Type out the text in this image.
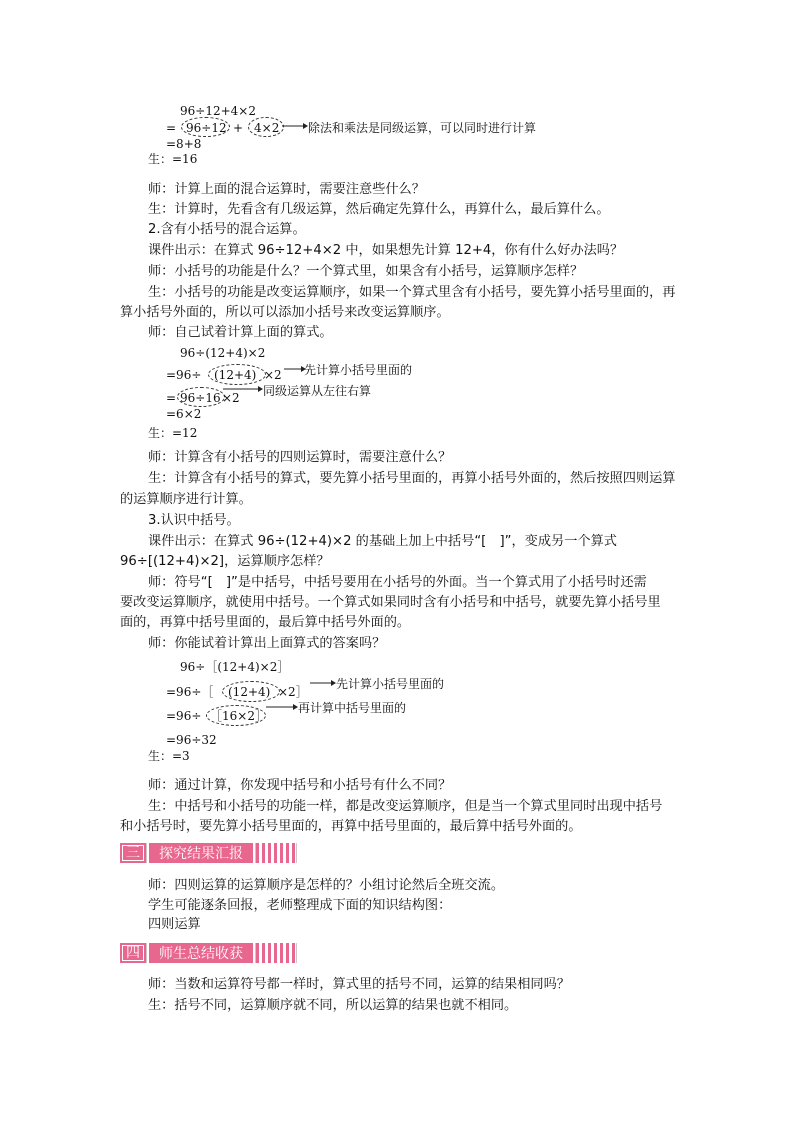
96÷12+4×2
= 96÷12 + 4×2 除法和乘法是同级运算，可以同时进行计算
=8+8
生：=16
师：计算上面的混合运算时，需要注意些什么？
生：计算时，先看含有几级运算，然后确定先算什么，再算什么，最后算什么。
2.含有小括号的混合运算。
课件出示：在算式 96÷12+4×2 中，如果想先计算 12+4，你有什么好办法吗？
师：小括号的功能是什么？一个算式里，如果含有小括号，运算顺序怎样？
生：小括号的功能是改变运算顺序，如果一个算式里含有小括号，要先算小括号里面的，再
算小括号外面的，所以可以添加小括号来改变运算顺序。
师：自己试着计算上面的算式。
96÷(12+4)×2
=96÷ (12+4) ×2 先计算小括号里面的
= 96÷16 ×2 同级运算从左往右算
=6×2
生：=12
师：计算含有小括号的四则运算时，需要注意什么？
生：计算含有小括号的算式，要先算小括号里面的，再算小括号外面的，然后按照四则运算
的运算顺序进行计算。
3.认识中括号。
课件出示：在算式 96÷(12+4)×2 的基础上加上中括号“[　]”，变成另一个算式
96÷[(12+4)×2]，运算顺序怎样？
师：符号“[　]”是中括号，中括号要用在小括号的外面。当一个算式用了小括号时还需
要改变运算顺序，就使用中括号。一个算式如果同时含有小括号和中括号，就要先算小括号里
面的，再算中括号里面的，最后算中括号外面的。
师：你能试着计算出上面算式的答案吗？
96÷［(12+4)×2］
=96÷［ (12+4) ×2］
先计算小括号里面的
=96÷ ［16×2］
再计算中括号里面的
=96÷32
生：=3
师：通过计算，你发现中括号和小括号有什么不同？
生：中括号和小括号的功能一样，都是改变运算顺序，但是当一个算式里同时出现中括号
和小括号时，要先算小括号里面的，再算中括号里面的，最后算中括号外面的。
三	探究结果汇报
师：四则运算的运算顺序是怎样的？小组讨论然后全班交流。
学生可能逐条回报，老师整理成下面的知识结构图：
四则运算
四	师生总结收获
师：当数和运算符号都一样时，算式里的括号不同，运算的结果相同吗？
生：括号不同，运算顺序就不同，所以运算的结果也就不相同。
